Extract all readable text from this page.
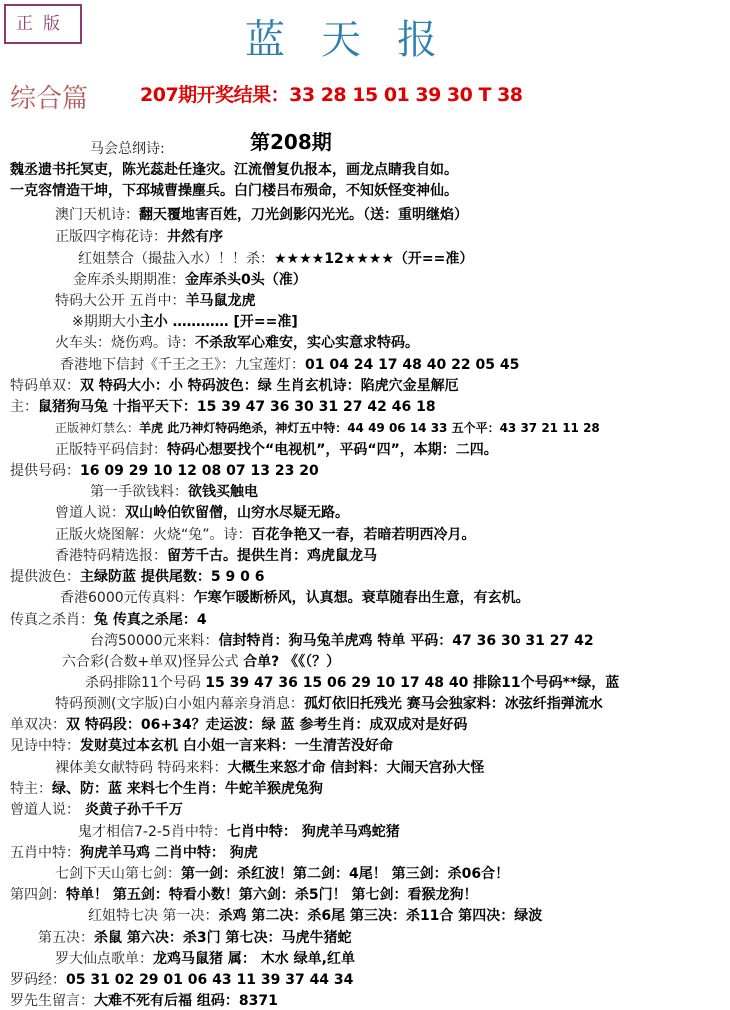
正版	蓝天报
综合篇	207期开奖结果：33 28 15 01 39 30 T 38
第208期
马会总纲诗:
魏丞遗书托冥吏，陈光蕊赴任逢灾。江流僧复仇报本，画龙点睛我自如。
一克容情造干坤，下邳城曹操塵兵。白门楼吕布殒命，不知妖怪变神仙。
澳门天机诗：翻天覆地害百姓，刀光剑影闪光光。（送：重明继焰）
正版四字梅花诗：井然有序
红姐禁合（撮盐入水）！！杀：★★★★12★★★★（开==准）
金库杀头期期准：金库杀头0头（准）
特码大公开 五肖中：羊马鼠龙虎
※期期大小主小 ………… [开==准]
火车头：烧伤鸡。诗：不杀敌军心难安，实心实意求特码。
香港地下信封《千王之王》：九宝莲灯：01 04 24 17 48 40 22 05 45
特码单双：双 特码大小：小 特码波色：绿 生肖玄机诗：陷虎穴金星解厄
主：鼠猪狗马兔 十指平天下：15 39 47 36 30 31 27 42 46 18
正版神灯禁么：羊虎 此乃神灯特码绝杀，神灯五中特：44 49 06 14 33 五个平：43 37 21 11 28
正版特平码信封：特码心想要找个“电视机”，平码“四”，本期：二四。
提供号码：16 09 29 10 12 08 07 13 23 20
第一手欲钱料：欲钱买触电
曾道人说：双山岭伯钦留僧，山穷水尽疑无路。
正版火烧图解：火烧“兔”。诗：百花争艳又一春，若暗若明西冷月。
香港特码精选报：留芳千古。提供生肖：鸡虎鼠龙马
提供波色：主绿防蓝 提供尾数：5 9 0 6
香港6000元传真料：乍寒乍暖断桥风，认真想。衰草随春出生意，有玄机。
传真之杀肖：兔 传真之杀尾：4
台湾50000元来料：信封特肖：狗马兔羊虎鸡 特单 平码：47 36 30 31 27 42
六合彩(合数+单双)怪异公式 合单? 《《（？）
杀码排除11个号码 15 39 47 36 15 06 29 10 17 48 40 排除11个号码**绿，蓝
特码预测(文字版)白小姐内幕亲身消息：孤灯依旧托残光 赛马会独家料：冰弦纤指弹流水
单双决：双 特码段：06+34？走运波：绿 蓝 参考生肖：成双成对是好码
见诗中特：发财莫过本玄机 白小姐一言来料：一生清苦没好命
裸体美女献特码 特码来料：大概生来怒才命 信封料：大闹天宫孙大怪
特主：绿、防：蓝 来料七个生肖：牛蛇羊猴虎兔狗
曾道人说： 炎黄子孙千千万
鬼才相信7-2-5肖中特：七肖中特： 狗虎羊马鸡蛇猪
五肖中特：狗虎羊马鸡 二肖中特： 狗虎
七剑下天山第七剑：第一剑：杀红波！第二剑：4尾！ 第三剑：杀06合！
第四剑：特单！ 第五剑：特看小数！第六剑：杀5门！ 第七剑：看猴龙狗！
红姐特七决 第一决：杀鸡 第二决：杀6尾 第三决：杀11合 第四决：绿波
第五决：杀鼠 第六决：杀3门 第七决：马虎牛猪蛇
罗大仙点歌单：龙鸡马鼠猪 属： 木水 绿单,红单
罗码经：05 31 02 29 01 06 43 11 39 37 44 34
罗先生留言：大难不死有后福 组码：8371
